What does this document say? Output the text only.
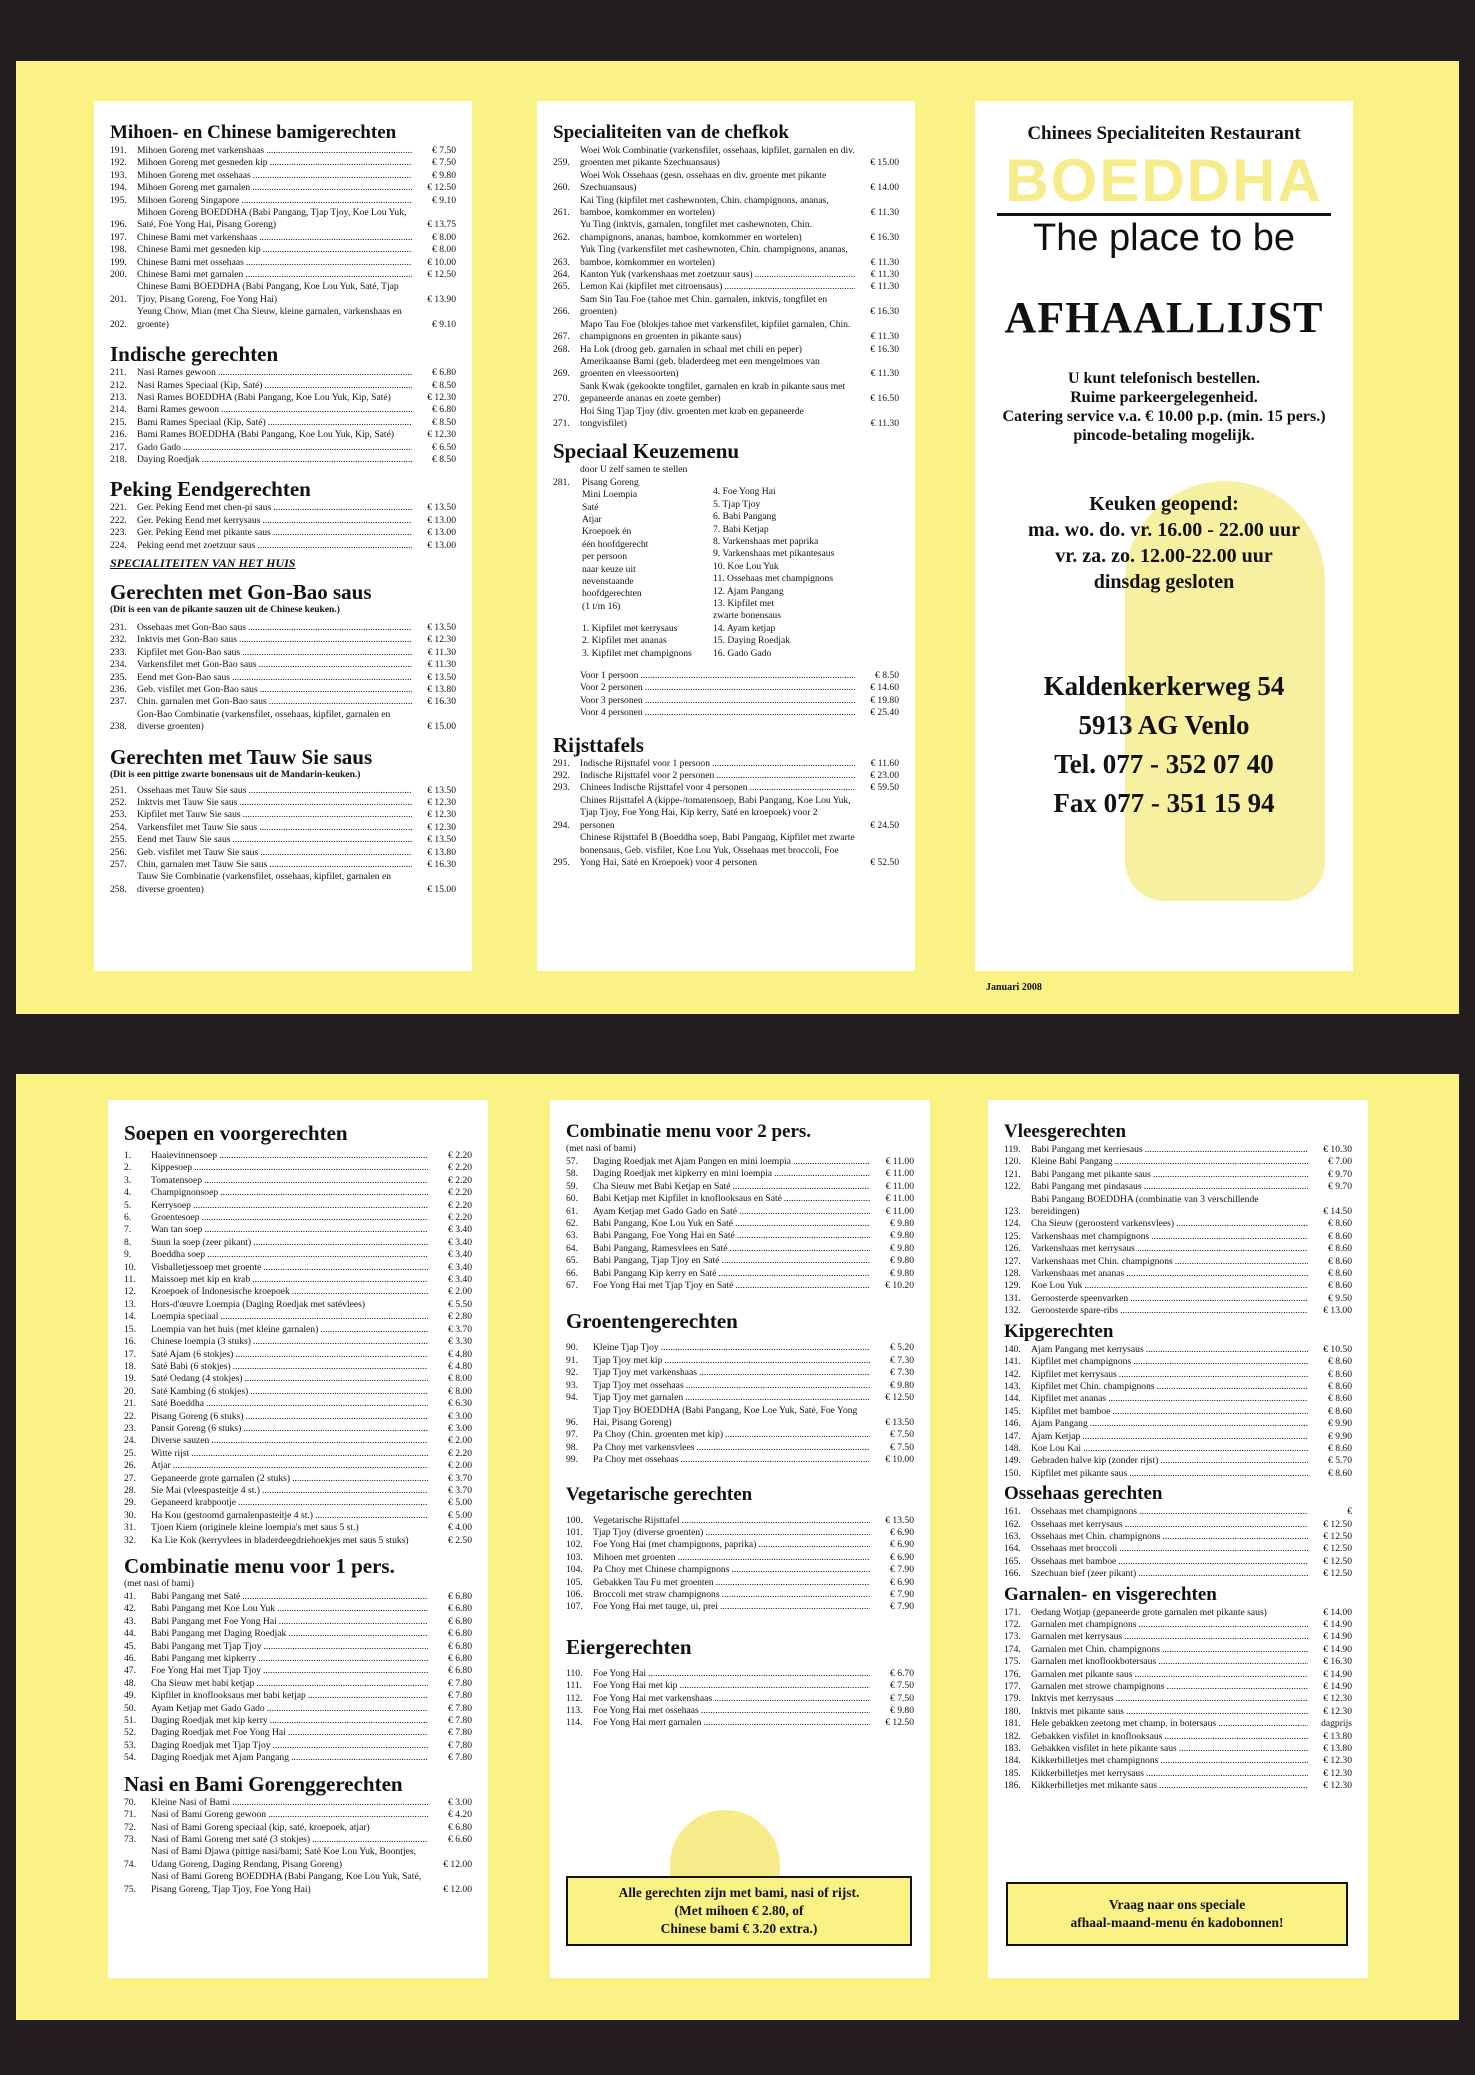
Mihoen- en Chinese bamigerechten
191.	Mihoen Goreng met varkenshaas .....	€ 7.50
192.	Mihoen Goreng met gesneden kip .....	€ 7.50
193.	Mihoen Goreng met ossehaas .....	€ 9.80
194.	Mihoen Goreng met garnalen .....	€ 12.50
195.	Mihoen Goreng Singapore .....	€ 9.10
196.
Mihoen Goreng BOEDDHA (Babi Pangang, Tjap Tjoy, Koe Lou Yuk, Saté, Foe Yong Hai, Pisang Goreng)	€ 13.75
197.	Chinese Bami met varkenshaas .....	€ 8.00
198.	Chinese Bami met gesneden kip .....	€ 8.00
199.	Chinese Bami met ossehaas .....	€ 10.00
200.	Chinese Bami met garnalen .....	€ 12.50
201.
Chinese Bami BOEDDHA (Babi Pangang, Koe Lou Yuk, Saté, Tjap Tjoy, Pisang Goreng, Foe Yong Hai)	€ 13.90
202.
Yeung Chow, Mian (met Cha Sieuw, kleine garnalen, varkenshaas en groente)	€ 9.10
Indische gerechten
211.	Nasi Rames gewoon .....	€ 6.80
212.	Nasi Rames Speciaal (Kip, Saté) .....	€ 8.50
213.	Nasi Rames BOEDDHA (Babi Pangang, Koe Lou Yuk, Kip, Saté)	€ 12.30
214.	Bami Rames gewoon .....	€ 6.80
215.	Bami Rames Speciaal (Kip, Saté) .....	€ 8.50
216.	Bami Rames BOEDDHA (Babi Pangang, Koe Lou Yuk, Kip, Saté)	€ 12.30
217.	Gado Gado .....	€ 6.50
218.	Daying Roedjak .....	€ 8.50
Peking Eendgerechten
221.	Ger. Peking Eend met chen-pi saus .....	€ 13.50
222.	Ger. Peking Eend met kerrysaus .....	€ 13.00
223.	Ger. Peking Eend met pikante saus .....	€ 13.00
224.	Peking eend met zoetzuur saus .....	€ 13.00
SPECIALITEITEN VAN HET HUIS
Gerechten met Gon-Bao saus
(Dit is een van de pikante sauzen uit de Chinese keuken.)
231.	Ossehaas met Gon-Bao saus .....	€ 13.50
232.	Inktvis met Gon-Bao saus .....	€ 12.30
233.	Kipfilet met Gon-Bao saus .....	€ 11.30
234.	Varkensfilet met Gon-Bao saus .....	€ 11.30
235.	Eend met Gon-Bao saus .....	€ 13.50
236.	Geb. visfilet met Gon-Bao saus .....	€ 13.80
237.	Chin. garnalen met Gon-Bao saus .....	€ 16.30
238.
Gon-Bao Combinatie (varkensfilet, ossehaas, kipfilet, garnalen en diverse groenten)	€ 15.00
Gerechten met Tauw Sie saus
(Dit is een pittige zwarte bonensaus uit de Mandarin-keuken.)
251.	Ossehaas met Tauw Sie saus .....	€ 13.50
252.	Inktvis met Tauw Sie saus .....	€ 12.30
253.	Kipfilet met Tauw Sie saus .....	€ 12.30
254.	Varkensfilet met Tauw Sie saus .....	€ 12.30
255.	Eend met Tauw Sie saus .....	€ 13.50
256.	Geb. visfilet met Tauw Sie saus .....	€ 13.80
257.	Chin, garnalen met Tauw Sie saus .....	€ 16.30
258.
Tauw Sie Combinatie (varkensfilet, ossehaas, kipfilet, garnalen en diverse groenten)	€ 15.00
Specialiteiten van de chefkok
259.
Woei Wok Combinatie (varkensfilet, ossehaas, kipfilet, garnalen en div. groenten met pikante Szechuansaus)	€ 15.00
260.
Woei Wok Ossehaas (gesn. ossehaas en div. groente met pikante Szechuansaus)	€ 14.00
261.
Kai Ting (kipfilet met cashewnoten, Chin. champignons, ananas, bamboe, komkommer en wortelen)	€ 11.30
262.
Yu Ting (inktvis, garnalen, tongfilet met cashewnoten, Chin. champignons, ananas, bamboe, komkommer en wortelen)	€ 16.30
263.
Yuk Ting (varkensfilet met cashewnoten, Chin. champignons, ananas, bamboe, komkommer en wortelen)	€ 11.30
264.	Kanton Yuk (varkenshaas met zoetzuur saus) .....	€ 11.30
265.	Lemon Kai (kipfilet met citroensaus) .....	€ 11.30
266.
Sam Sin Tau Foe (tahoe met Chin. garnalen, inktvis, tongfilet en groenten)	€ 16.30
267.
Mapo Tau Foe (blokjes tahoe met varkensfilet, kipfilet garnalen, Chin. champignons en groenten in pikante saus)	€ 11.30
268.	Ha Lok (droog geb. garnalen in schaal met chili en peper)	€ 16.30
269.
Amerikaanse Bami (geb. bladerdeeg met een mengelmoes van groenten en vleessoorten)	€ 11.30
270.
Sank Kwak (gekookte tongfilet, garnalen en krab in pikante saus met gepaneerde ananas en zoete gember)	€ 16.50
271.
Hoi Sing Tjap Tjoy (div. groenten met krab en gepaneerde tongvisfilet)	€ 11.30
Speciaal Keuzemenu
door U zelf samen te stellen
281. Pisang Goreng
Mini Loempia
Saté
Atjar
Kroepoek én
één hoofdgerecht
per persoon
naar keuze uit
nevenstaande
hoofdgerechten
(1 t/m 16)
1. Kipfilet met kerrysaus
2. Kipfilet met ananas
3. Kipfilet met champignons
4. Foe Yong Hai
5. Tjap Tjoy
6. Babi Pangang
7. Babi Ketjap
8. Varkenshaas met paprika
9. Varkenshaas met pikantesaus
10. Koe Lou Yuk
11. Ossehaas met champignons
12. Ajam Pangang
13. Kipfilet met
zwarte bonensaus
14. Ayam ketjap
15. Daying Roedjak
16. Gado Gado
Voor 1 persoon .....	€ 8.50
Voor 2 personen .....	€ 14.60
Voor 3 personen .....	€ 19.80
Voor 4 personen .....	€ 25.40
Rijsttafels
291.	Indische Rijsttafel voor 1 persoon .....	€ 11.60
292.	Indische Rijsttafel voor 2 personen .....	€ 23.00
293.	Chinees Indische Rijsttafel voor 4 personen .....	€ 59.50
294.
Chines Rijsttafel A (kippe-/tomatensoep, Babi Pangang, Koe Lou Yuk, Tjap Tjoy, Foe Yong Hai, Kip kerry, Saté en kroepoek) voor 2 personen	€ 24.50
295.
Chinese Rijsttafel B (Boeddha soep, Babi Pangang, Kipfilet met zwarte bonensaus, Geb. visfilet, Koe Lou Yuk, Ossehaas met broccoli, Foe Yong Hai, Saté en Kroepoek) voor 4 personen	€ 52.50
Chinees Specialiteiten Restaurant
BOEDDHA
The place to be
AFHAALLIJST
U kunt telefonisch bestellen.
Ruime parkeergelegenheid.
Catering service v.a. € 10.00 p.p. (min. 15 pers.)
pincode-betaling mogelijk.
Keuken geopend:
ma. wo. do. vr. 16.00 - 22.00 uur
vr. za. zo. 12.00-22.00 uur
dinsdag gesloten
Kaldenkerkerweg 54
5913 AG Venlo
Tel. 077 - 352 07 40
Fax 077 - 351 15 94
Januari 2008
Soepen en voorgerechten
1.	Haaievinnensoep .....	€ 2.20
2.	Kippesoep .....	€ 2.20
3.	Tomatensoep .....	€ 2.20
4.	Champignonsoep .....	€ 2.20
5.	Kerrysoep .....	€ 2.20
6.	Groentesoep .....	€ 2.20
7.	Wan tan soep .....	€ 3.40
8.	Suun la soep (zeer pikant) .....	€ 3.40
9.	Boeddha soep .....	€ 3.40
10.	Visballetjessoep met groente .....	€ 3.40
11.	Maissoep met kip en krab .....	€ 3.40
12.	Kroepoek of Indonesische kroepoek .....	€ 2.00
13.	Hors-d'œuvre Loempia (Daging Roedjak met satévlees)	€ 5.50
14.	Loempia speciaal .....	€ 2.80
15.	Loempia van het huis (met kleine garnalen) .....	€ 3.70
16.	Chinese loempia (3 stuks) .....	€ 3.30
17.	Saté Ajam (6 stokjes) .....	€ 4.80
18.	Saté Babi (6 stokjes) .....	€ 4.80
19.	Saté Oedang (4 stokjes) .....	€ 8.00
20.	Saté Kambing (6 stokjes) .....	€ 8.00
21.	Saté Boeddha .....	€ 6.30
22.	Pisang Goreng (6 stuks) .....	€ 3.00
23.	Pansit Goreng (6 stuks) .....	€ 3.00
24.	Diverse sauzen .....	€ 2.00
25.	Witte rijst .....	€ 2.20
26.	Atjar .....	€ 2.00
27.	Gepaneerde grote garnalen (2 stuks) .....	€ 3.70
28.	Sie Mai (vleespasteitje 4 st.) .....	€ 3.70
29.	Gepaneerd krabpootje .....	€ 5.00
30.	Ha Kou (gestoomd garnalenpasteitje 4 st.) .....	€ 5.00
31.	Tjoen Kiem (originele kleine loempia's met saus 5 st.)	€ 4.00
32.	Ka Lie Kok (kerryvlees in bladerdeegdriehoekjes met saus 5 stuks)	€ 2.50
Combinatie menu voor 1 pers.
(met nasi of bami)
41.	Babi Pangang met Saté .....	€ 6.80
42.	Babi Pangang met Koe Lou Yuk .....	€ 6.80
43.	Babi Pangang met Foe Yong Hai .....	€ 6.80
44.	Babi Pangang met Daging Roedjak .....	€ 6.80
45.	Babi Pangang met Tjap Tjoy .....	€ 6.80
46.	Babi Pangang met kipkerry .....	€ 6.80
47.	Foe Yong Hai met Tjap Tjoy .....	€ 6.80
48.	Cha Sieuw met babi ketjap .....	€ 7.80
49.	Kipfilet in knoflooksaus met babi ketjap .....	€ 7.80
50.	Ayam Ketjap met Gado Gado .....	€ 7.80
51.	Daging Roedjak met kip kerry .....	€ 7.80
52.	Daging Roedjak met Foe Yong Hai .....	€ 7.80
53.	Daging Roedjak met Tjap Tjoy .....	€ 7.80
54.	Daging Roedjak met Ajam Pangang .....	€ 7.80
Nasi en Bami Gorenggerechten
70.	Kleine Nasi of Bami .....	€ 3.00
71.	Nasi of Bami Goreng gewoon .....	€ 4.20
72.	Nasi of Bami Goreng speciaal (kip, saté, kroepoek, atjar)	€ 6.80
73.	Nasi of Bami Goreng met saté (3 stokjes) .....	€ 6.60
74.
Nasi of Bami Djawa (pittige nasi/bami; Saté Koe Lou Yuk, Boontjes, Udang Goreng, Daging Rendang, Pisang Goreng)	€ 12.00
75.
Nasi of Bami Goreng BOEDDHA (Babi Pangang, Koe Lou Yuk, Saté, Pisang Goreng, Tjap Tjoy, Foe Yong Hai)	€ 12.00
Combinatie menu voor 2 pers.
(met nasi of bami)
57.	Daging Roedjak met Ajam Pangen en mini loempia .....	€ 11.00
58.	Daging Roedjak met kipkerry en mini loempia .....	€ 11.00
59.	Cha Sieuw met Babi Ketjap en Saté .....	€ 11.00
60.	Babi Ketjap met Kipfilet in knoflooksaus en Saté .....	€ 11.00
61.	Ayam Ketjap met Gado Gado en Saté .....	€ 11.00
62.	Babi Pangang, Koe Lou Yuk en Saté .....	€ 9.80
63.	Babi Pangang, Foe Yong Hai en Saté .....	€ 9.80
64.	Babi Pangang, Ramesvlees en Saté .....	€ 9.80
65.	Babi Pangang, Tjap Tjoy en Saté .....	€ 9.80
66.	Babi Pangang Kip kerry en Saté .....	€ 9.80
67.	Foe Yong Hai met Tjap Tjoy en Saté .....	€ 10.20
Groentengerechten
90.	Kleine Tjap Tjoy .....	€ 5.20
91.	Tjap Tjoy met kip .....	€ 7.30
92.	Tjap Tjoy met varkenshaas .....	€ 7.30
93.	Tjap Tjoy met ossehaas .....	€ 9.80
94.	Tjap Tjoy met garnalen .....	€ 12.50
96.
Tjap Tjoy BOEDDHA (Babi Pangang, Koe Loe Yuk, Saté, Foe Yong Hai, Pisang Goreng)	€ 13.50
97.	Pa Choy (Chin. groenten met kip) .....	€ 7.50
98.	Pa Choy met varkensvlees .....	€ 7.50
99.	Pa Choy met ossehaas .....	€ 10.00
Vegetarische gerechten
100.	Vegetarische Rijsttafel .....	€ 13.50
101.	Tjap Tjoy (diverse groenten) .....	€ 6.90
102.	Foe Yong Hai (met champignons, paprika) .....	€ 6.90
103.	Mihoen met groenten .....	€ 6.90
104.	Pa Choy met Chinese champignons .....	€ 7.90
105.	Gebakken Tau Fu met groenten .....	€ 6.90
106.	Broccoli met straw champignons .....	€ 7.90
107.	Foe Yong Hai met tauge, ui, prei .....	€ 7.90
Eiergerechten
110.	Foe Yong Hai .....	€ 6.70
111.	Foe Yong Hai met kip .....	€ 7.50
112.	Foe Yong Hai met varkenshaas .....	€ 7.50
113.	Foe Yong Hai met ossehaas .....	€ 9.80
114.	Foe Yong Hai mert garnalen .....	€ 12.50
Alle gerechten zijn met bami, nasi of rijst.
(Met mihoen € 2.80, of
Chinese bami € 3.20 extra.)
Vleesgerechten
119.	Babi Pangang met kerriesaus .....	€ 10.30
120.	Kleine Babi Pangang .....	€ 7.00
121.	Babi Pangang met pikante saus .....	€ 9.70
122.	Babi Pangang met pindasaus .....	€ 9.70
123.
Babi Pangang BOEDDHA (combinatie van 3 verschillende bereidingen)	€ 14.50
124.	Cha Sieuw (geroosterd varkensvlees) .....	€ 8.60
125.	Varkenshaas met champignons .....	€ 8.60
126.	Varkenshaas met kerrysaus .....	€ 8.60
127.	Varkenshaas met Chin. champignons .....	€ 8.60
128.	Varkenshaas met ananas .....	€ 8.60
129.	Koe Lou Yuk .....	€ 8.60
131.	Geroosterde speenvarken .....	€ 9.50
132.	Geroosterde spare-ribs .....	€ 13.00
Kipgerechten
140.	Ajam Pangang met kerrysaus .....	€ 10.50
141.	Kipfilet met champignons .....	€ 8.60
142.	Kipfilet met kerrysaus .....	€ 8.60
143.	Kipfilet met Chin. champignons .....	€ 8.60
144.	Kipfilet met ananas .....	€ 8.60
145.	Kipfilet met bamboe .....	€ 8.60
146.	Ajam Pangang .....	€ 9.90
147.	Ajam Ketjap .....	€ 9.90
148.	Koe Lou Kai .....	€ 8.60
149.	Gebraden halve kip (zonder rijst) .....	€ 5.70
150.	Kipfilet met pikante saus .....	€ 8.60
Ossehaas gerechten
161.	Ossehaas met champignons .....	€
162.	Ossehaas met kerrysaus .....	€ 12.50
163.	Ossehaas met Chin. champignons .....	€ 12.50
164.	Ossehaas met broccoli .....	€ 12.50
165.	Ossehaas met bamboe .....	€ 12.50
166.	Szechuan bief (zeer pikant) .....	€ 12.50
Garnalen- en visgerechten
171.	Oedang Wotjap (gepaneerde grote garnalen met pikante saus)	€ 14.00
172.	Garnalen met champignons .....	€ 14.90
173.	Garnalen met kerrysaus .....	€ 14.90
174.	Garnalen met Chin. champignons .....	€ 14.90
175.	Garnalen met knoflookbotersaus .....	€ 16.30
176.	Garnalen met pikante saus .....	€ 14.90
177.	Garnalen met strowe champignons .....	€ 14.90
179.	Inktvis met kerrysaus .....	€ 12.30
180.	Inktvis met pikante saus .....	€ 12.30
181.	Hele gebakken zeetong met champ. in botersaus .....	dagprijs
182.	Gebakken visfilet in knoflooksaus .....	€ 13.80
183.	Gebakken visfilet in hete pikante saus .....	€ 13.80
184.	Kikkerbilletjes met champignons .....	€ 12.30
185.	Kikkerbilletjes met kerrysaus .....	€ 12.30
186.	Kikkerbilletjes met mikante saus .....	€ 12.30
Vraag naar ons speciale
afhaal-maand-menu én kadobonnen!
